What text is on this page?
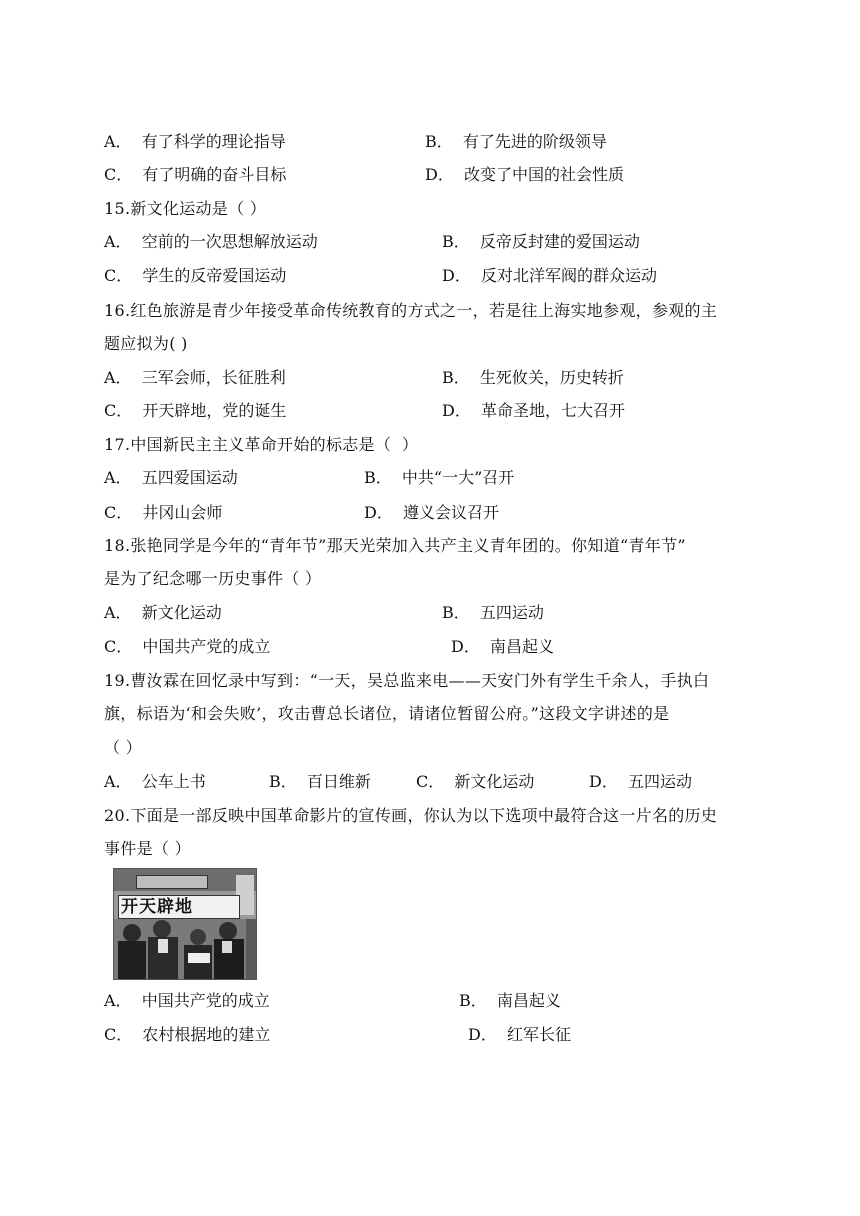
A．  有了科学的理论指导	B．  有了先进的阶级领导
C．  有了明确的奋斗目标	D．  改变了中国的社会性质
15.新文化运动是（ ）
A．  空前的一次思想解放运动	B．  反帝反封建的爱国运动
C．  学生的反帝爱国运动	D．  反对北洋军阀的群众运动
16.红色旅游是青少年接受革命传统教育的方式之一，若是往上海实地参观，参观的主
题应拟为( )
A．  三军会师，长征胜利	B．  生死攸关，历史转折
C．  开天辟地，党的诞生	D．  革命圣地，七大召开
17.中国新民主主义革命开始的标志是（  ）
A．  五四爱国运动	B．  中共“一大”召开
C．  井冈山会师	D．  遵义会议召开
18.张艳同学是今年的“青年节”那天光荣加入共产主义青年团的。你知道“青年节”
是为了纪念哪一历史事件（ ）
A．  新文化运动	B．  五四运动
C．  中国共产党的成立	D．  南昌起义
19.曹汝霖在回忆录中写到：“一天，吴总监来电——天安门外有学生千余人，手执白
旗，标语为‘和会失败’，攻击曹总长诸位，请诸位暂留公府。”这段文字讲述的是
（ ）
A．  公车上书	B．  百日维新	C．  新文化运动	D．  五四运动
20.下面是一部反映中国革命影片的宣传画，你认为以下选项中最符合这一片名的历史
事件是（ ）
开天辟地
A．  中国共产党的成立	B．  南昌起义
C．  农村根据地的建立	D．  红军长征
